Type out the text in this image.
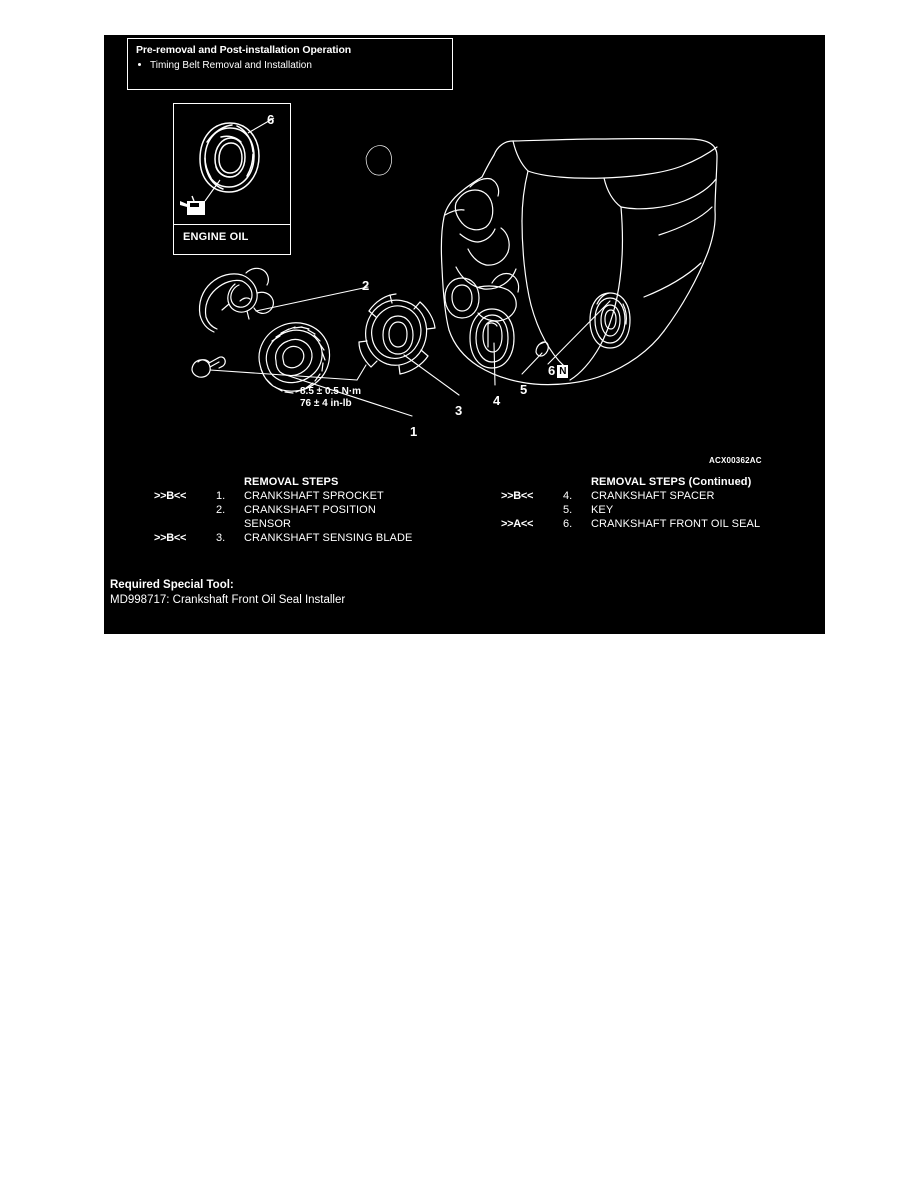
Pre-removal and Post-installation Operation
Timing Belt Removal and Installation
6
ENGINE OIL
1
2
3
4
5
6 N
8.5 ± 0.5 N·m
76 ± 4 in-lb
ACX00362AC
REMOVAL STEPS
>>B<<	1.	CRANKSHAFT SPROCKET
2.	CRANKSHAFT POSITION
SENSOR
>>B<<	3.	CRANKSHAFT SENSING BLADE
REMOVAL STEPS (Continued)
>>B<<	4.	CRANKSHAFT SPACER
5.	KEY
>>A<<	6.	CRANKSHAFT FRONT OIL SEAL
Required Special Tool:
MD998717: Crankshaft Front Oil Seal Installer
